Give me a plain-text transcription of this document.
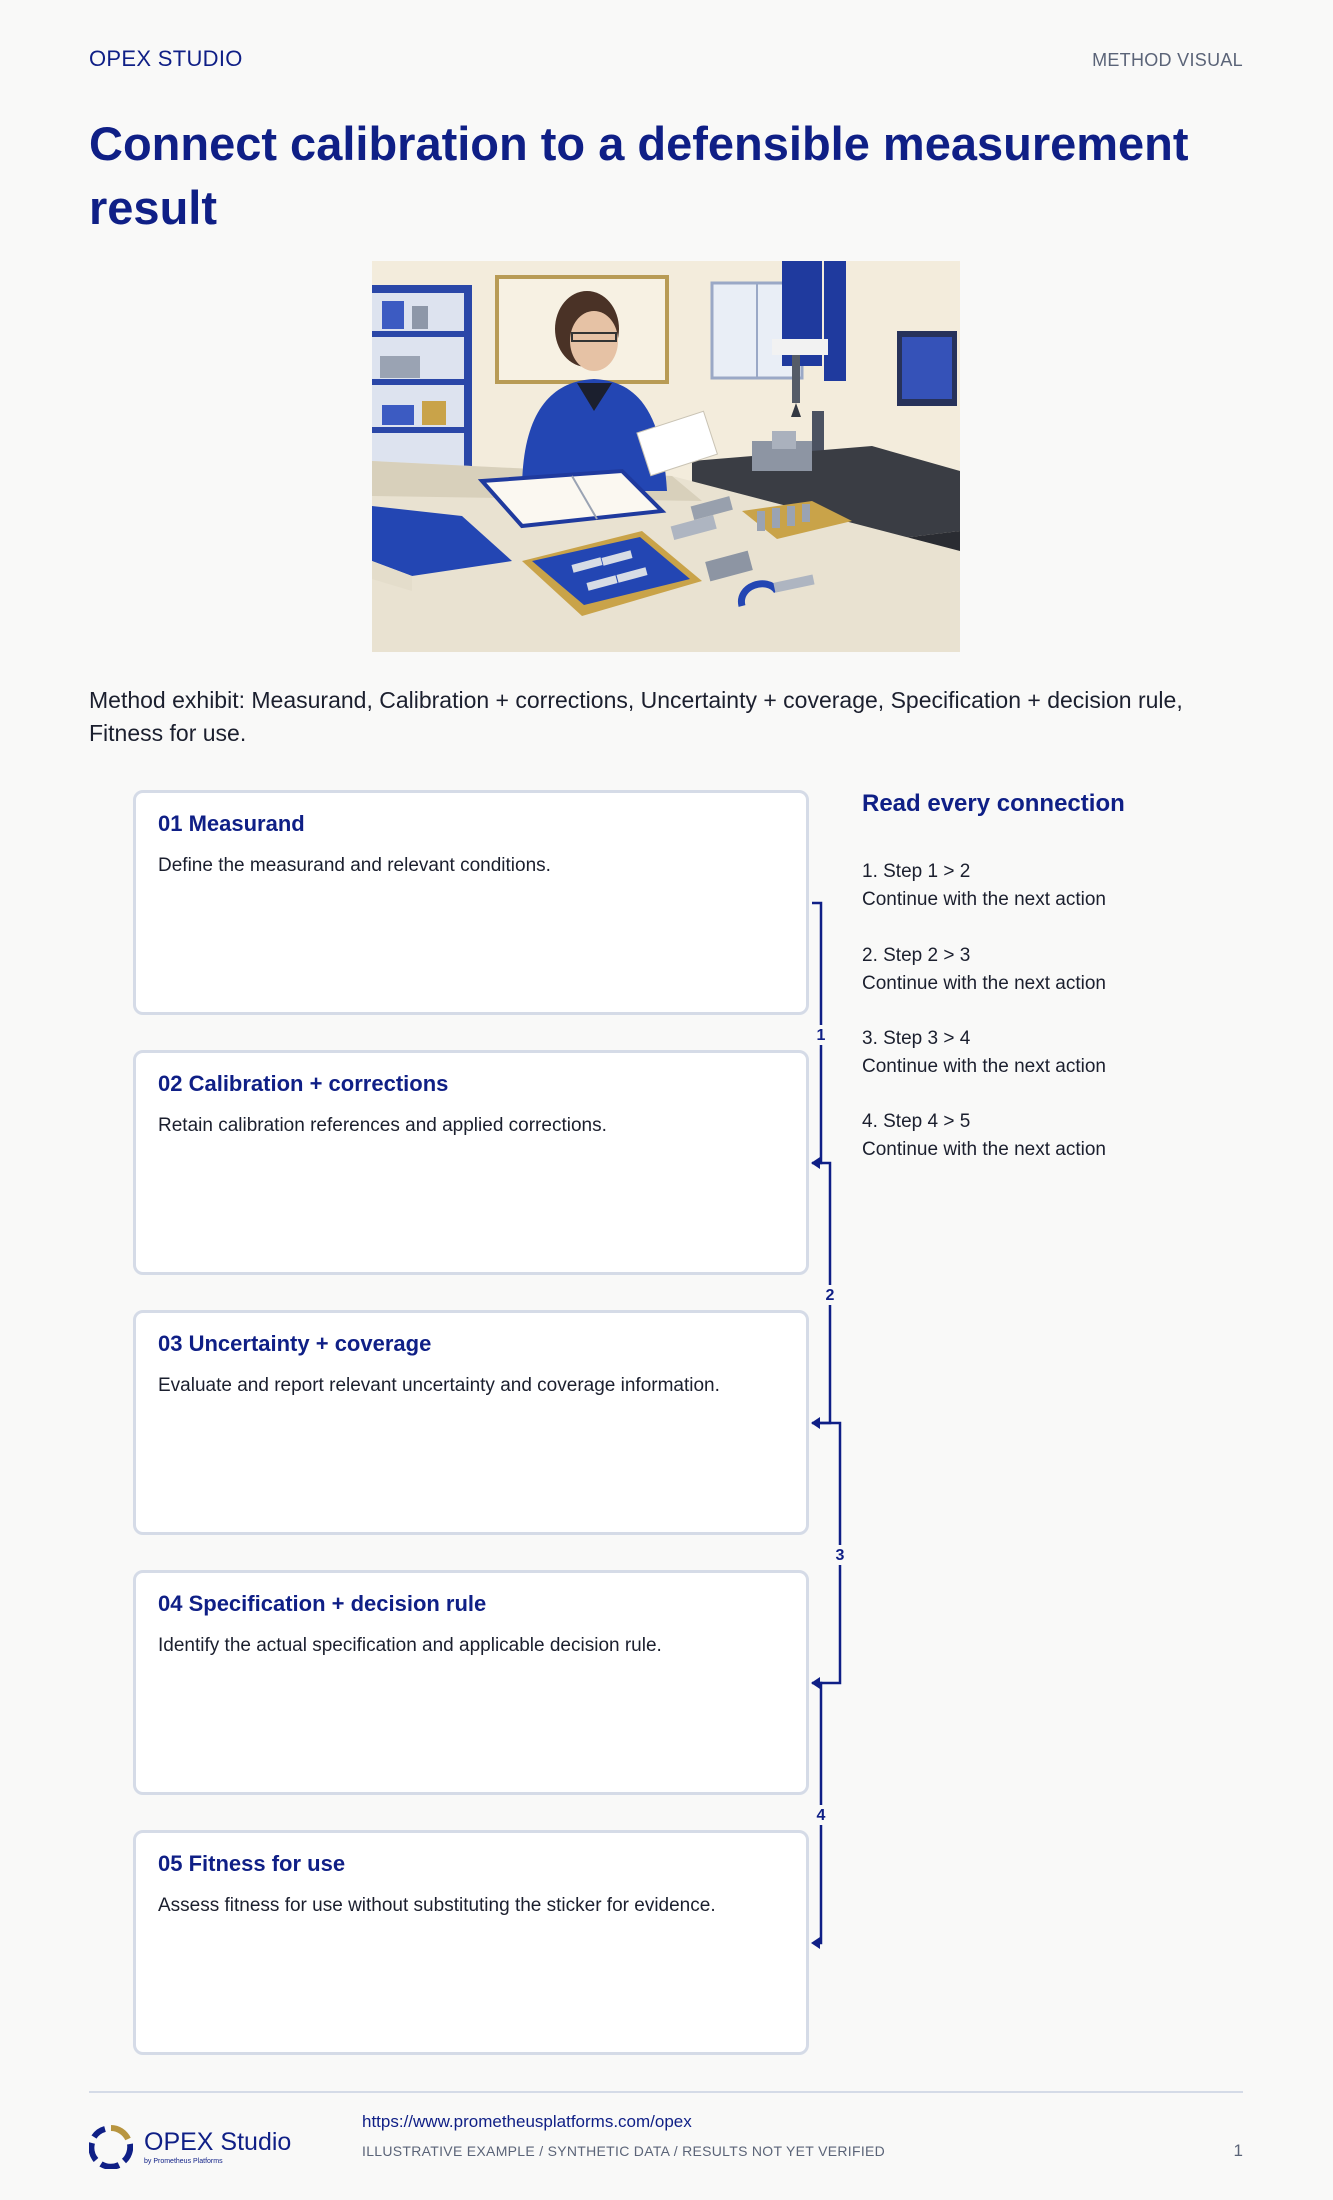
OPEX STUDIO	METHOD VISUAL
Connect calibration to a defensible measurement result
Method exhibit: Measurand, Calibration + corrections, Uncertainty + coverage, Specification + decision rule, Fitness for use.
01 Measurand
Define the measurand and relevant conditions.
02 Calibration + corrections
Retain calibration references and applied corrections.
03 Uncertainty + coverage
Evaluate and report relevant uncertainty and coverage information.
04 Specification + decision rule
Identify the actual specification and applicable decision rule.
05 Fitness for use
Assess fitness for use without substituting the sticker for evidence.
1
2
3
4
Read every connection
1. Step 1 > 2
Continue with the next action
2. Step 2 > 3
Continue with the next action
3. Step 3 > 4
Continue with the next action
4. Step 4 > 5
Continue with the next action
OPEX Studio
by Prometheus Platforms
https://www.prometheusplatforms.com/opex
ILLUSTRATIVE EXAMPLE / SYNTHETIC DATA / RESULTS NOT YET VERIFIED	1
